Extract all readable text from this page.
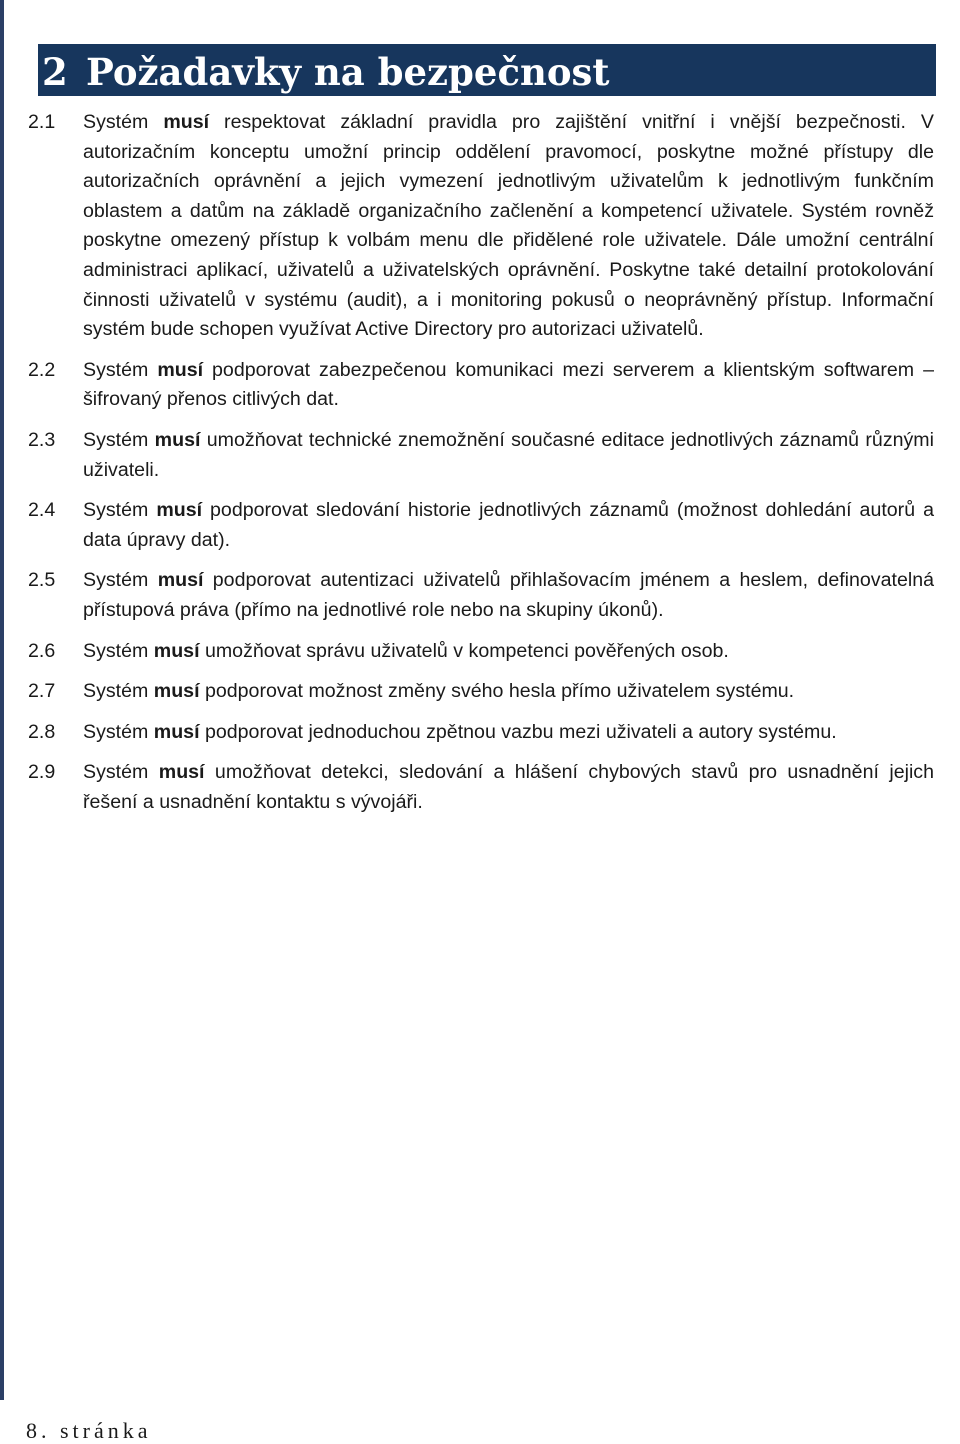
2 Požadavky na bezpečnost
2.1	Systém musí respektovat základní pravidla pro zajištění vnitřní i vnější bezpečnosti. V autorizačním konceptu umožní princip oddělení pravomocí, poskytne možné přístupy dle autorizačních oprávnění a jejich vymezení jednotlivým uživatelům k jednotlivým funkčním oblastem a datům na základě organizačního začlenění a kompetencí uživatele. Systém rovněž poskytne omezený přístup k volbám menu dle přidělené role uživatele. Dále umožní centrální administraci aplikací, uživatelů a uživatelských oprávnění. Poskytne také detailní protokolování činnosti uživatelů v systému (audit), a i monitoring pokusů o neoprávněný přístup. Informační systém bude schopen využívat Active Directory pro autorizaci uživatelů.
2.2	Systém musí podporovat zabezpečenou komunikaci mezi serverem a klientským softwarem – šifrovaný přenos citlivých dat.
2.3	Systém musí umožňovat technické znemožnění současné editace jednotlivých záznamů různými uživateli.
2.4	Systém musí podporovat sledování historie jednotlivých záznamů (možnost dohledání autorů a data úpravy dat).
2.5	Systém musí podporovat autentizaci uživatelů přihlašovacím jménem a heslem, definovatelná přístupová práva (přímo na jednotlivé role nebo na skupiny úkonů).
2.6	Systém musí umožňovat správu uživatelů v kompetenci pověřených osob.
2.7	Systém musí podporovat možnost změny svého hesla přímo uživatelem systému.
2.8	Systém musí podporovat jednoduchou zpětnou vazbu mezi uživateli a autory systému.
2.9	Systém musí umožňovat detekci, sledování a hlášení chybových stavů pro usnadnění jejich řešení a usnadnění kontaktu s vývojáři.
8. stránka
